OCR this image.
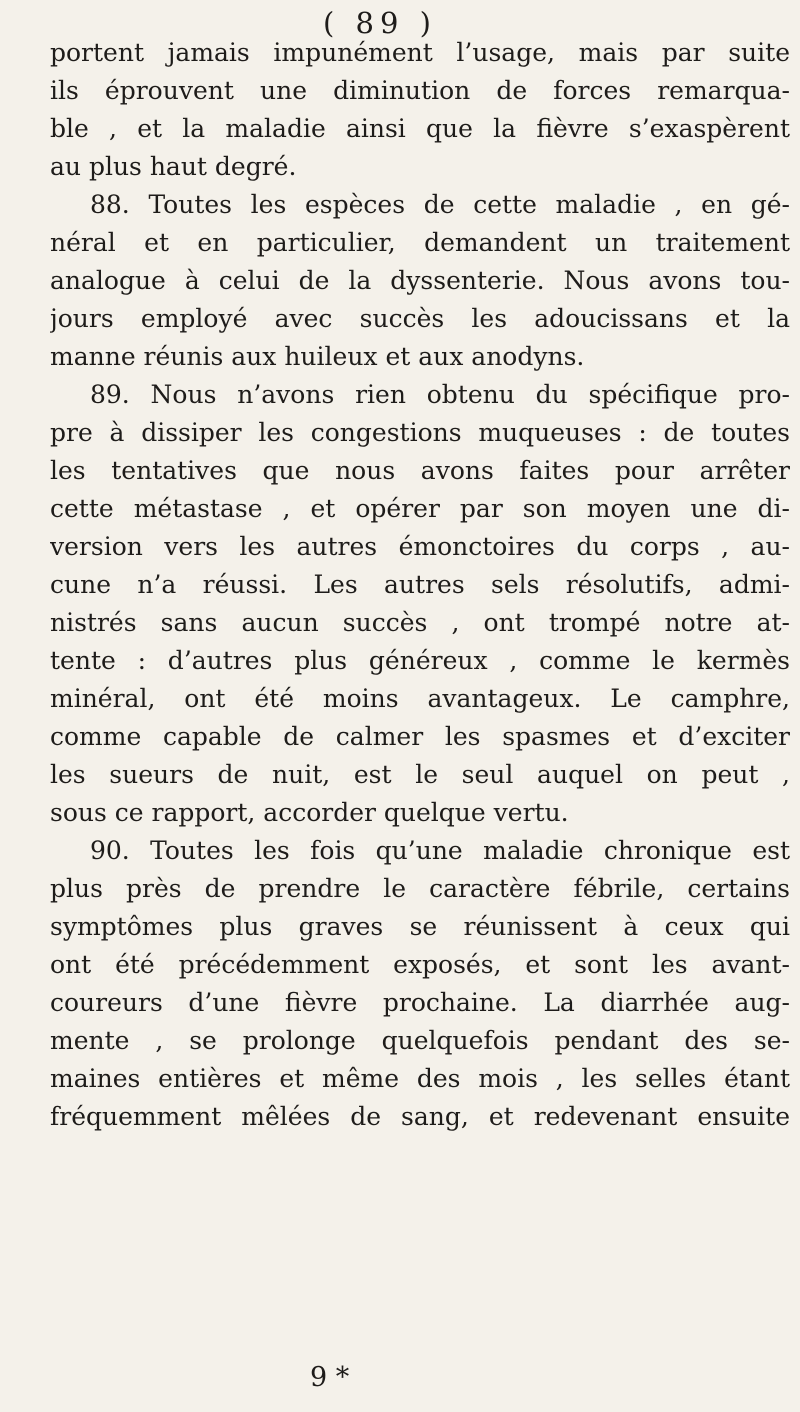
( 89 )
portent jamais impunément l’usage, mais par suite
ils éprouvent une diminution de forces remarqua-
ble , et la maladie ainsi que la fièvre s’exaspèrent
au plus haut degré.
88. Toutes les espèces de cette maladie , en gé-
néral et en particulier, demandent un traitement
analogue à celui de la dyssenterie. Nous avons tou-
jours employé avec succès les adoucissans et la
manne réunis aux huileux et aux anodyns.
89. Nous n’avons rien obtenu du spécifique pro-
pre à dissiper les congestions muqueuses : de toutes
les tentatives que nous avons faites pour arrêter
cette métastase , et opérer par son moyen une di-
version vers les autres émonctoires du corps , au-
cune n’a réussi. Les autres sels résolutifs, admi-
nistrés sans aucun succès , ont trompé notre at-
tente : d’autres plus généreux , comme le kermès
minéral, ont été moins avantageux. Le camphre,
comme capable de calmer les spasmes et d’exciter
les sueurs de nuit, est le seul auquel on peut ,
sous ce rapport, accorder quelque vertu.
90. Toutes les fois qu’une maladie chronique est
plus près de prendre le caractère fébrile, certains
symptômes plus graves se réunissent à ceux qui
ont été précédemment exposés, et sont les avant-
coureurs d’une fièvre prochaine. La diarrhée aug-
mente , se prolonge quelquefois pendant des se-
maines entières et même des mois , les selles étant
fréquemment mêlées de sang, et redevenant ensuite
9 *
